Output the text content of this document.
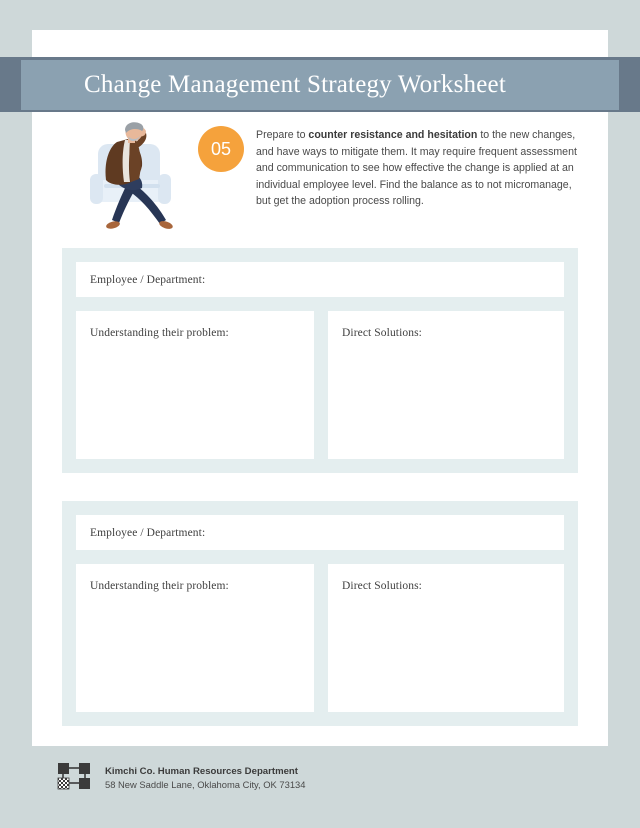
Change Management Strategy Worksheet
05
Prepare to counter resistance and hesitation to the new changes, and have ways to mitigate them. It may require frequent assessment and communication to see how effective the change is applied at an individual employee level. Find the balance as to not micromanage, but get the adoption process rolling.
Employee / Department:
Understanding their problem:	Direct Solutions:
Employee / Department:
Understanding their problem:	Direct Solutions:
Kimchi Co. Human Resources Department
58 New Saddle Lane, Oklahoma City, OK 73134
